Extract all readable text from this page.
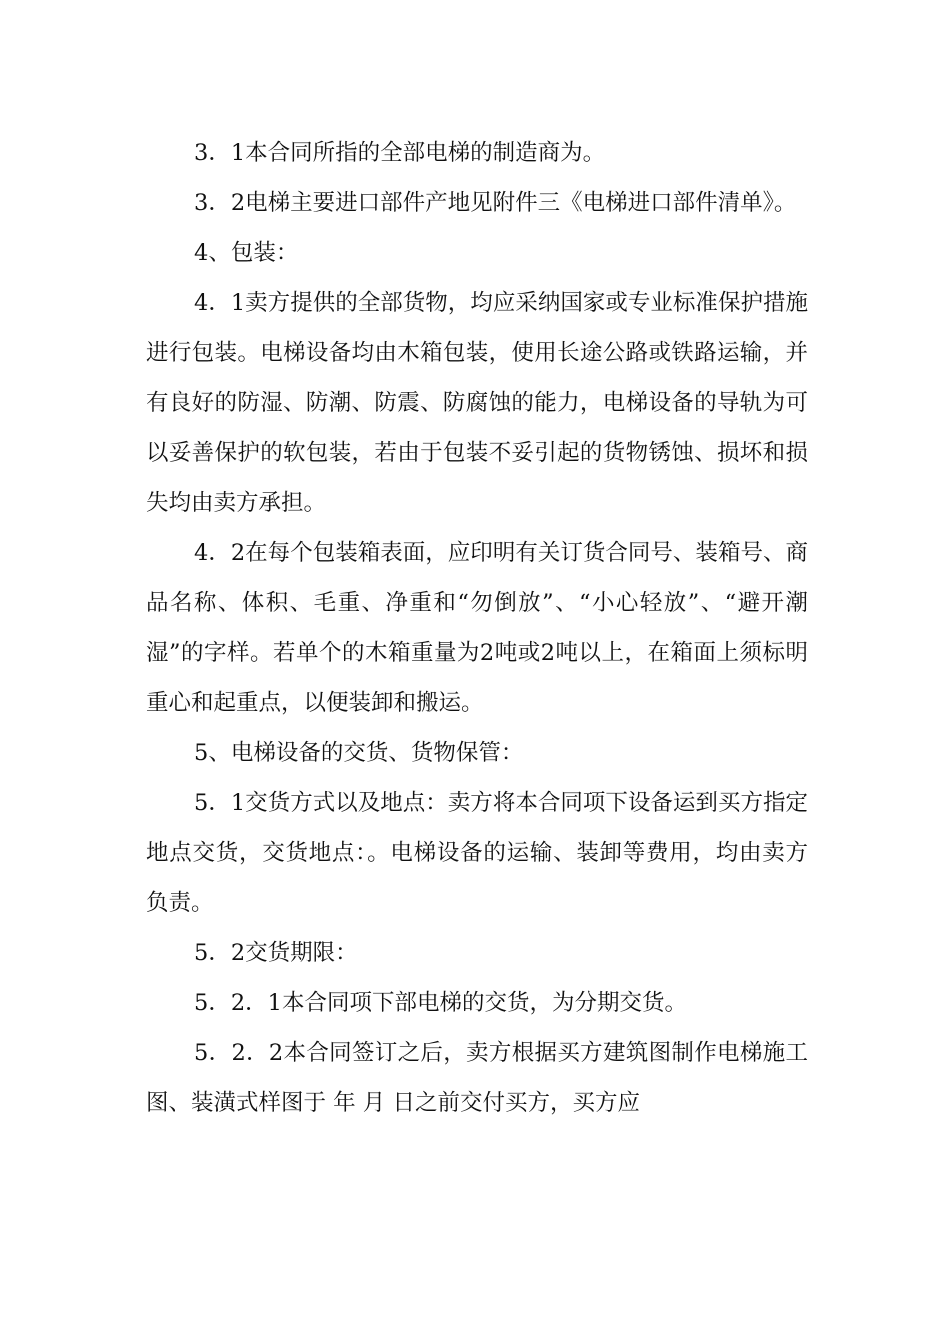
3．1本合同所指的全部电梯的制造商为。

3．2电梯主要进口部件产地见附件三《电梯进口部件清单》。

4、包装：

4．1卖方提供的全部货物，均应采纳国家或专业标准保护措施进行包装。电梯设备均由木箱包装，使用长途公路或铁路运输，并有良好的防湿、防潮、防震、防腐蚀的能力，电梯设备的导轨为可以妥善保护的软包装，若由于包装不妥引起的货物锈蚀、损坏和损失均由卖方承担。

4．2在每个包装箱表面，应印明有关订货合同号、装箱号、商品名称、体积、毛重、净重和“勿倒放”、“小心轻放”、“避开潮湿”的字样。若单个的木箱重量为2吨或2吨以上，在箱面上须标明重心和起重点，以便装卸和搬运。

5、电梯设备的交货、货物保管：

5．1交货方式以及地点：卖方将本合同项下设备运到买方指定地点交货，交货地点：。电梯设备的运输、装卸等费用，均由卖方负责。

5．2交货期限：

5．2．1本合同项下部电梯的交货，为分期交货。

5．2．2本合同签订之后，卖方根据买方建筑图制作电梯施工图、装潢式样图于 年 月 日之前交付买方，买方应
